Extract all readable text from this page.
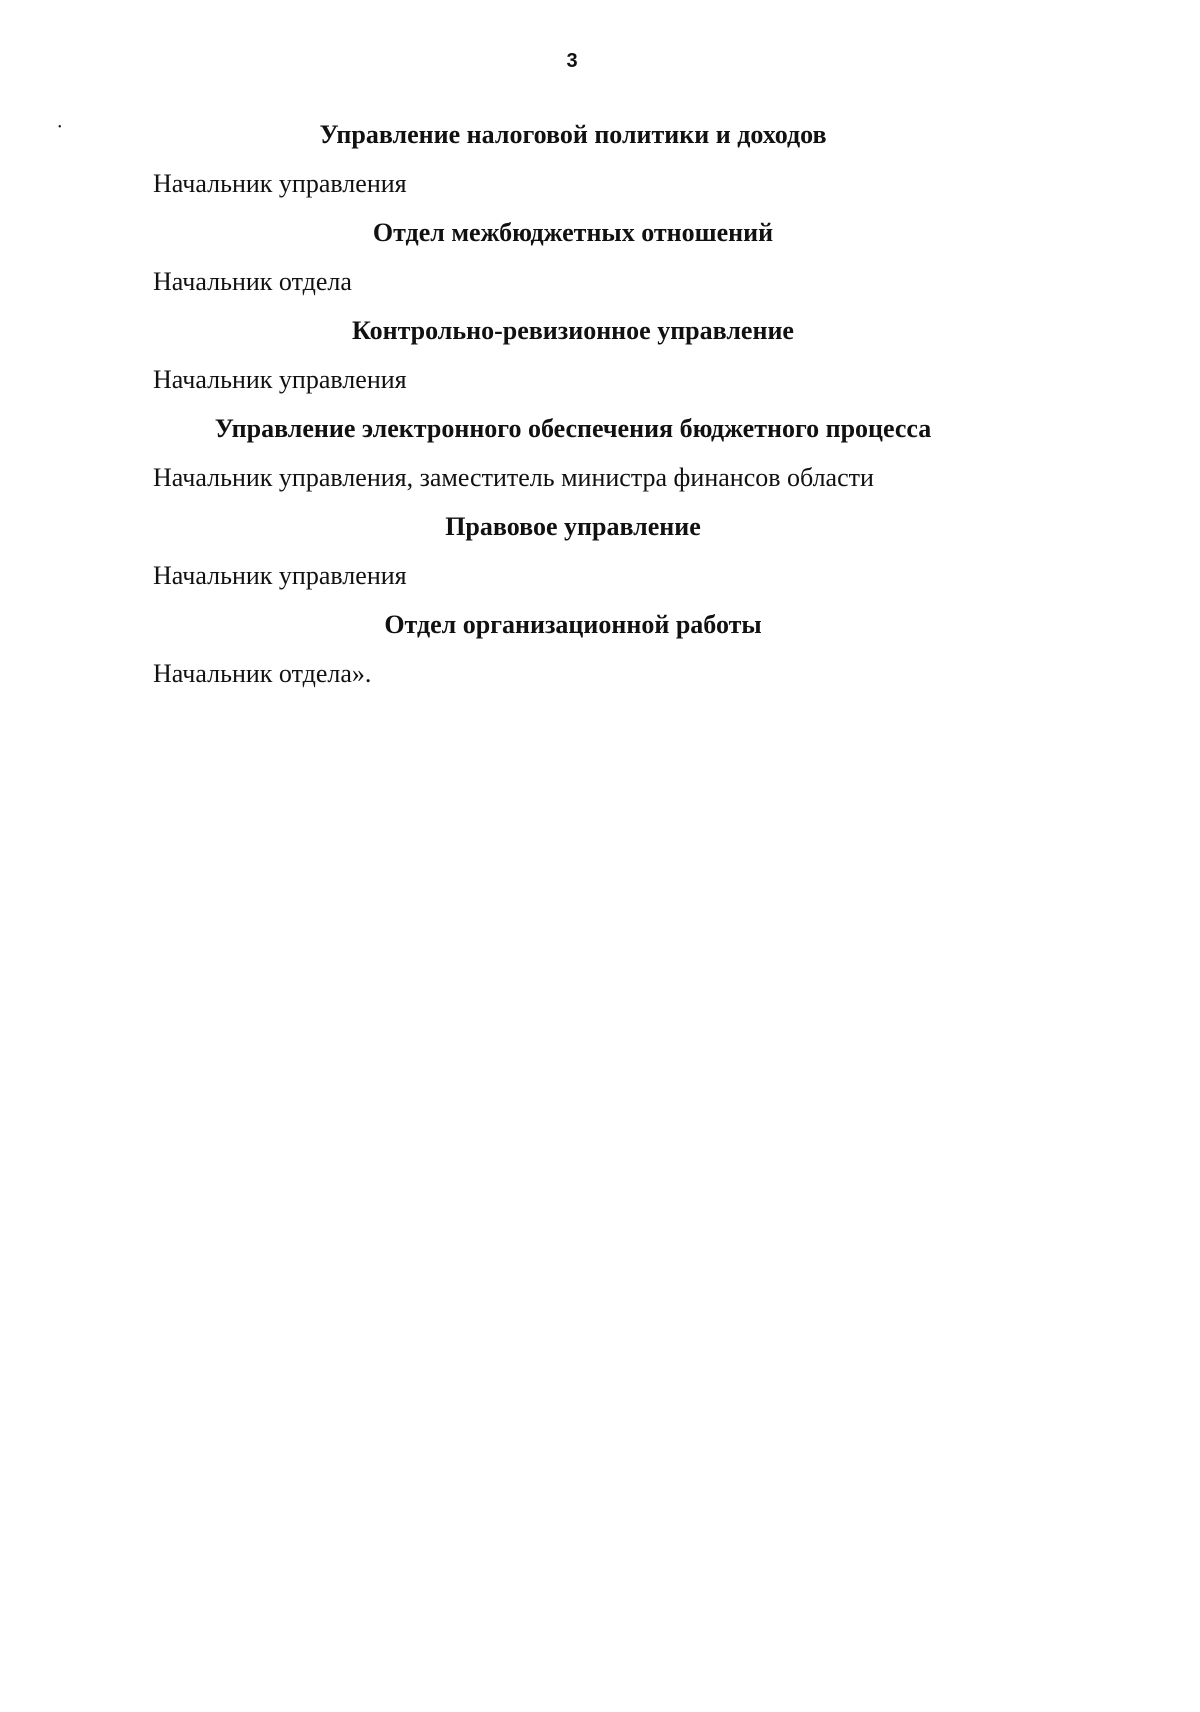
3
•	Управление налоговой политики и доходов
Начальник управления
Отдел межбюджетных отношений
Начальник отдела
Контрольно-ревизионное управление
Начальник управления
Управление электронного обеспечения бюджетного процесса
Начальник управления, заместитель министра финансов области
Правовое управление
Начальник управления
Отдел организационной работы
Начальник отдела».
